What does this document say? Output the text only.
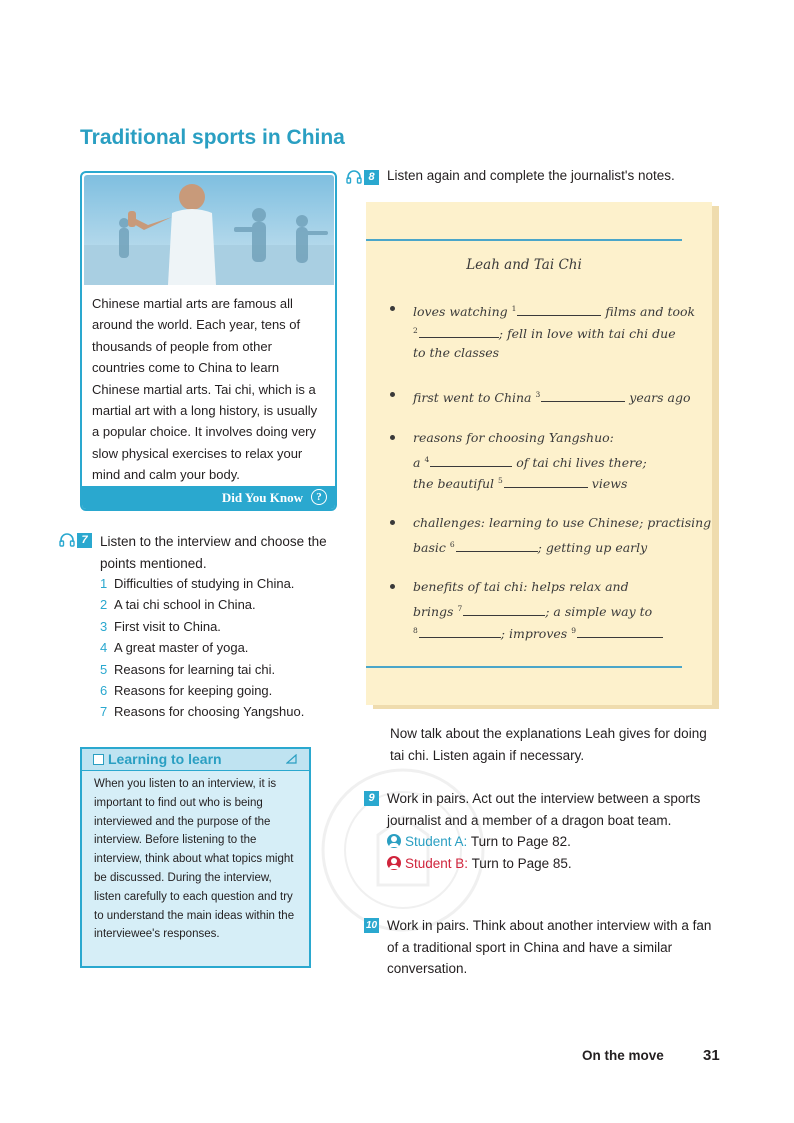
Traditional sports in China
Chinese martial arts are famous all around the world. Each year, tens of thousands of people from other countries come to China to learn Chinese martial arts. Tai chi, which is a martial art with a long history, is usually a popular choice. It involves doing very slow physical exercises to relax your mind and calm your body.
Did You Know	?
7 Listen to the interview and choose the points mentioned.
1 Difficulties of studying in China.
2 A tai chi school in China.
3 First visit to China.
4 A great master of yoga.
5 Reasons for learning tai chi.
6 Reasons for keeping going.
7 Reasons for choosing Yangshuo.
Learning to learn
When you listen to an interview, it is important to find out who is being interviewed and the purpose of the interview. Before listening to the interview, think about what topics might be discussed. During the interview, listen carefully to each question and try to understand the main ideas within the interviewee's responses.
8 Listen again and complete the journalist's notes.
Leah and Tai Chi
loves watching $^1$	films and took
$^2$	; fell in love with tai chi due
to the classes
first went to China $^3$	years ago
reasons for choosing Yangshuo:
a $^4$	of tai chi lives there;
the beautiful $^5$	views
challenges: learning to use Chinese; practising
basic $^6$	; getting up early
benefits of tai chi: helps relax and
brings $^7$	; a simple way to
$^8$	; improves $^9$
Now talk about the explanations Leah gives for doing tai chi. Listen again if necessary.
9 Work in pairs. Act out the interview between a sports journalist and a member of a dragon boat team.
Student A: Turn to Page 82.
Student B: Turn to Page 85.
10 Work in pairs. Think about another interview with a fan of a traditional sport in China and have a similar conversation.
On the move	31
